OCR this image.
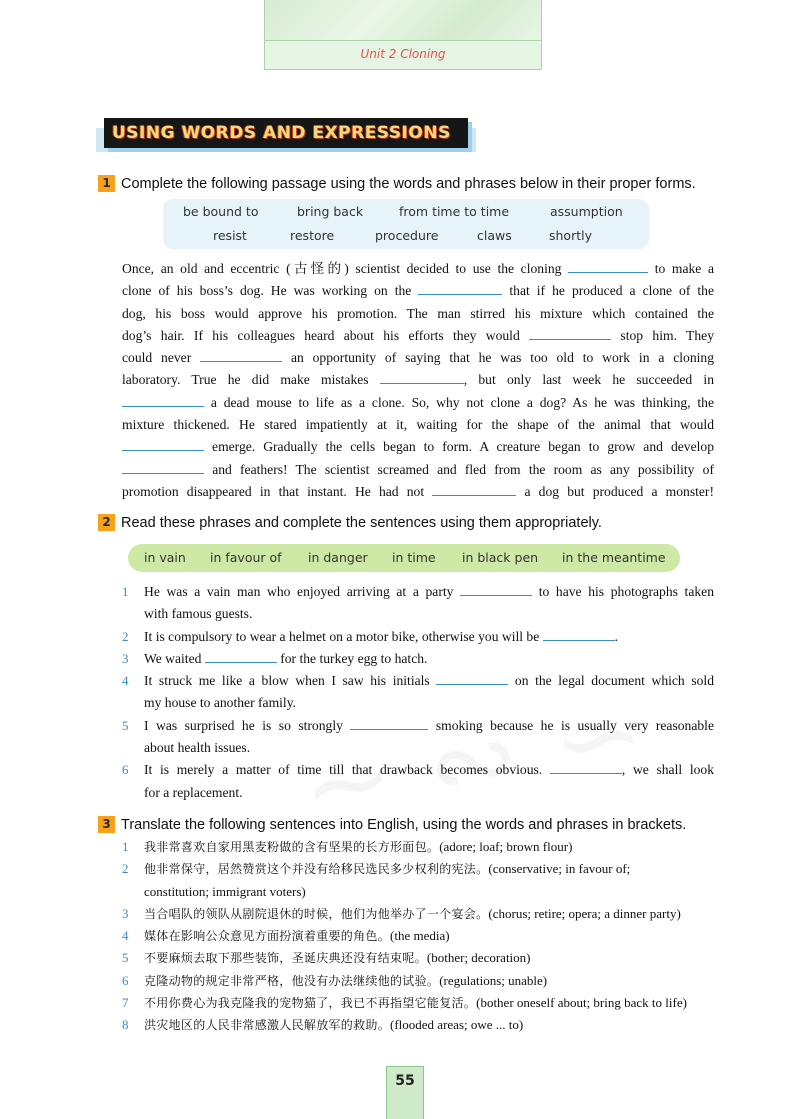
Unit 2 Cloning
USING WORDS AND EXPRESSIONS
1 Complete the following passage using the words and phrases below in their proper forms.
be bound to	bring back	from time to time	assumption
resist	restore	procedure	claws	shortly
Once, an old and eccentric (古怪的) scientist decided to use the cloning	to make a
clone of his boss’s dog. He was working on the	that if he produced a clone of the
dog, his boss would approve his promotion. The man stirred his mixture which contained the
dog’s hair. If his colleagues heard about his efforts they would	stop him. They
could never	an opportunity of saying that he was too old to work in a cloning
laboratory. True he did make mistakes	, but only last week he succeeded in
a dead mouse to life as a clone. So, why not clone a dog? As he was thinking, the
mixture thickened. He stared impatiently at it, waiting for the shape of the animal that would
emerge. Gradually the cells began to form. A creature began to grow and develop
and feathers! The scientist screamed and fled from the room as any possibility of
promotion disappeared in that instant. He had not	a dog but produced a monster!
2 Read these phrases and complete the sentences using them appropriately.
in vain in favour of in danger in time in black pen in the meantime
1 He was a vain man who enjoyed arriving at a party	to have his photographs taken
with famous guests.
2 It is compulsory to wear a helmet on a motor bike, otherwise you will be	.
3 We waited	for the turkey egg to hatch.
4 It struck me like a blow when I saw his initials	on the legal document which sold
my house to another family.
5 I was surprised he is so strongly	smoking because he is usually very reasonable
about health issues.
6 It is merely a matter of time till that drawback becomes obvious.	, we shall look
for a replacement.
3 Translate the following sentences into English, using the words and phrases in brackets.
1 我非常喜欢自家用黑麦粉做的含有坚果的长方形面包。(adore; loaf; brown flour)
2 他非常保守，居然赞赏这个并没有给移民选民多少权利的宪法。(conservative; in favour of;
constitution; immigrant voters)
3 当合唱队的领队从剧院退休的时候，他们为他举办了一个宴会。(chorus; retire; opera; a dinner party)
4 媒体在影响公众意见方面扮演着重要的角色。(the media)
5 不要麻烦去取下那些装饰，圣诞庆典还没有结束呢。(bother; decoration)
6 克隆动物的规定非常严格，他没有办法继续他的试验。(regulations; unable)
7 不用你费心为我克隆我的宠物猫了，我已不再指望它能复活。(bother oneself about; bring back to life)
8 洪灾地区的人民非常感激人民解放军的救助。(flooded areas; owe ... to)
55
